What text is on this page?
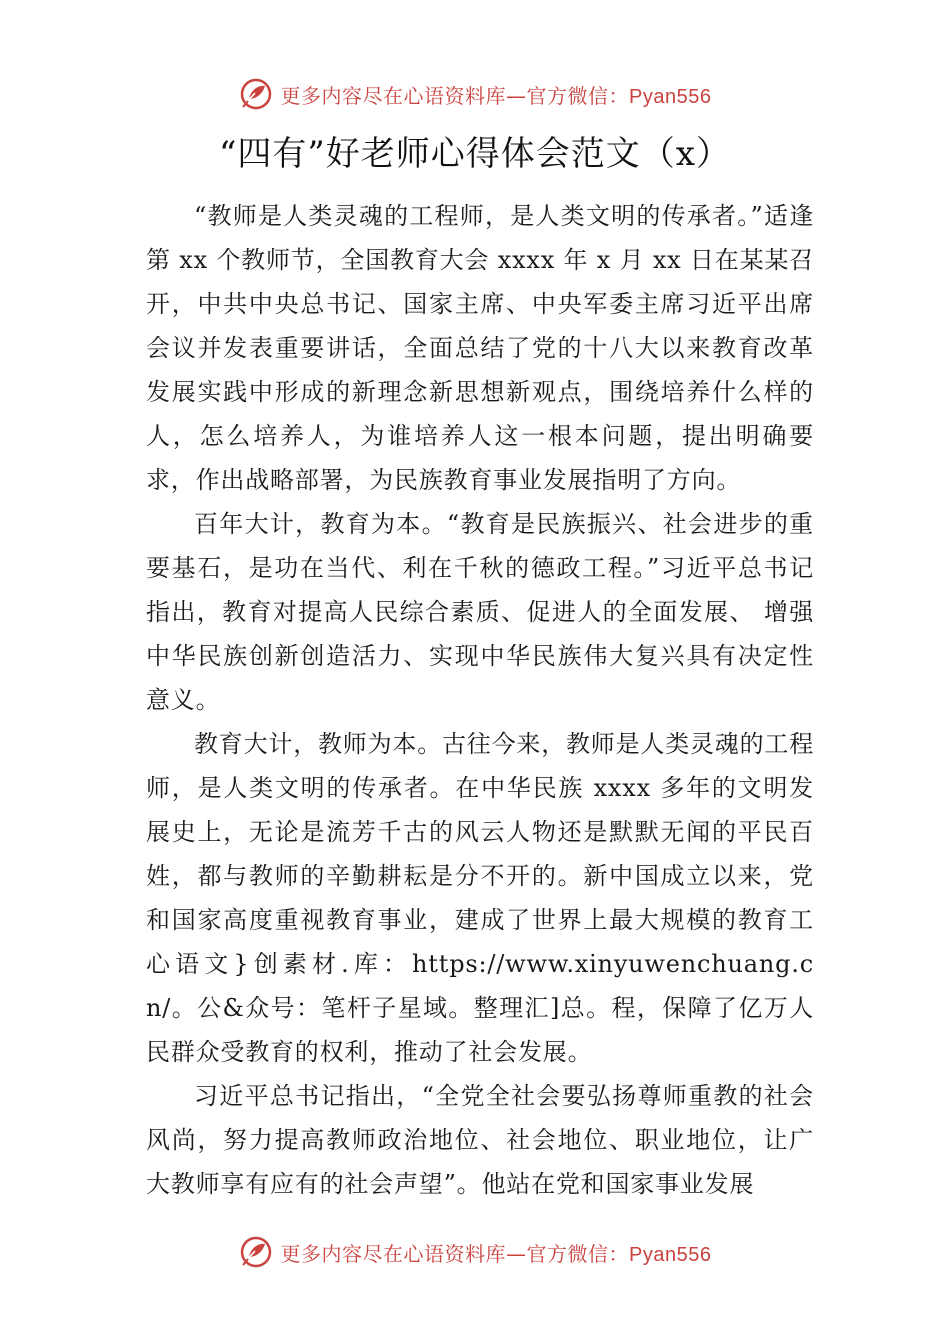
更多内容尽在心语资料库—官方微信：Pyan556
“四有”好老师心得体会范文（x）

“教师是人类灵魂的工程师，是人类文明的传承者。”适逢第 xx 个教师节，全国教育大会 xxxx 年 x 月 xx 日在某某召开，中共中央总书记、国家主席、中央军委主席习近平出席会议并发表重要讲话，全面总结了党的十八大以来教育改革发展实践中形成的新理念新思想新观点，围绕培养什么样的人，怎么培养人，为谁培养人这一根本问题，提出明确要求，作出战略部署，为民族教育事业发展指明了方向。

百年大计，教育为本。“教育是民族振兴、社会进步的重要基石，是功在当代、利在千秋的德政工程。”习近平总书记指出，教育对提高人民综合素质、促进人的全面发展、 增强中华民族创新创造活力、实现中华民族伟大复兴具有决定性意义。

教育大计，教师为本。古往今来，教师是人类灵魂的工程师，是人类文明的传承者。在中华民族 xxxx 多年的文明发展史上，无论是流芳千古的风云人物还是默默无闻的平民百姓，都与教师的辛勤耕耘是分不开的。新中国成立以来，党和国家高度重视教育事业，建成了世界上最大规模的教育工心语文}创素材.库：https://www.xinyuwenchuang.cn/。公&众号：笔杆子星域。整理汇]总。程，保障了亿万人民群众受教育的权利，推动了社会发展。

习近平总书记指出，“全党全社会要弘扬尊师重教的社会风尚，努力提高教师政治地位、社会地位、职业地位，让广大教师享有应有的社会声望”。他站在党和国家事业发展

更多内容尽在心语资料库—官方微信：Pyan556
